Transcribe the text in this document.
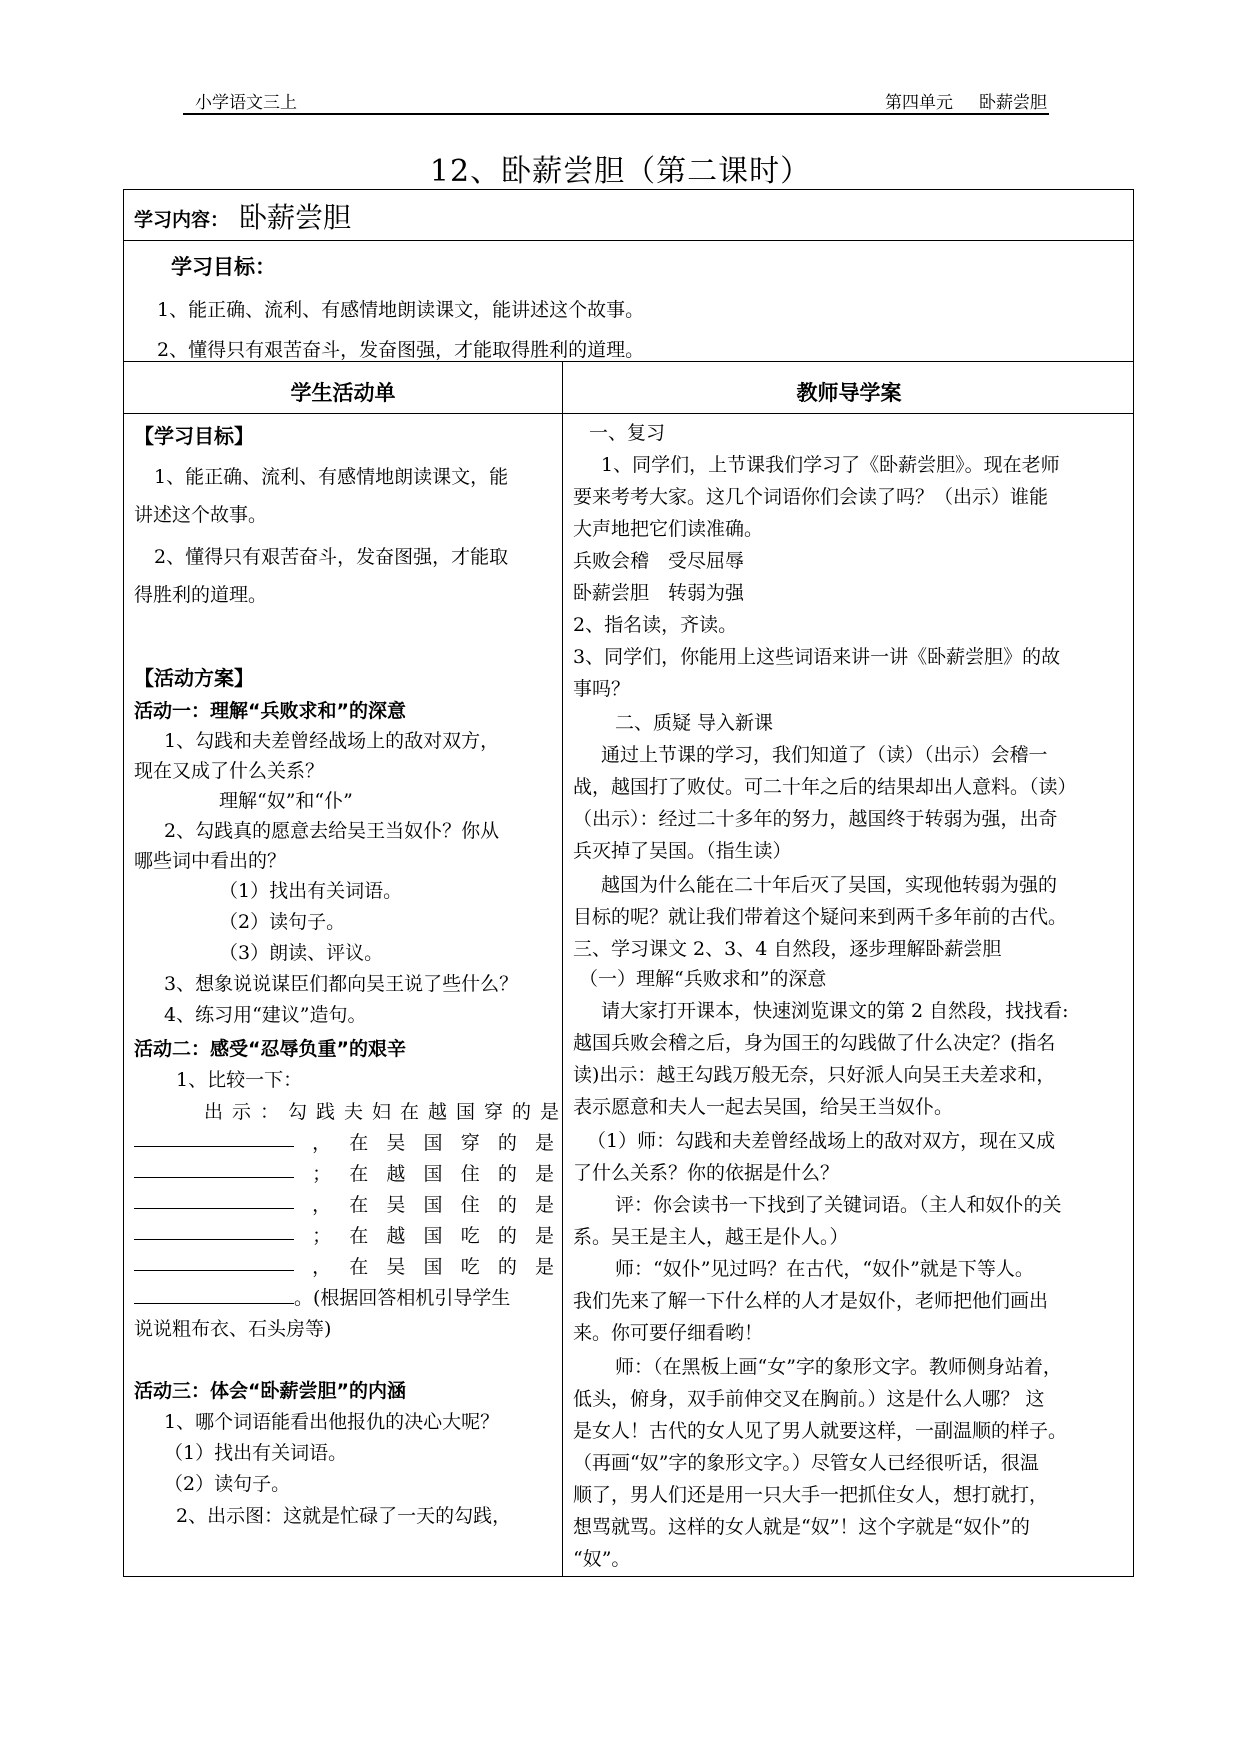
小学语文三上	第四单元 卧薪尝胆
12、卧薪尝胆（第二课时）
学习内容： 卧薪尝胆
学习目标：
1、能正确、流利、有感情地朗读课文，能讲述这个故事。
2、懂得只有艰苦奋斗，发奋图强，才能取得胜利的道理。
学生活动单	教师导学案
【学习目标】
1、能正确、流利、有感情地朗读课文，能
讲述这个故事。
2、懂得只有艰苦奋斗，发奋图强，才能取
得胜利的道理。
【活动方案】
活动一：理解“兵败求和”的深意
1、勾践和夫差曾经战场上的敌对双方，
现在又成了什么关系？
理解“奴”和“仆”
2、勾践真的愿意去给吴王当奴仆？你从
哪些词中看出的？
（1）找出有关词语。
（2）读句子。
（3）朗读、评议。
3、想象说说谋臣们都向吴王说了些什么？
4、练习用“建议”造句。
活动二：感受“忍辱负重”的艰辛
1、比较一下：
出示：勾践夫妇在越国穿的是
， 在 吴 国 穿 的 是
； 在 越 国 住 的 是
， 在 吴 国 住 的 是
； 在 越 国 吃 的 是
， 在 吴 国 吃 的 是
。(根据回答相机引导学生
说说粗布衣、石头房等)
活动三：体会“卧薪尝胆”的内涵
1、哪个词语能看出他报仇的决心大呢？
（1）找出有关词语。
（2）读句子。
2、出示图：这就是忙碌了一天的勾践，
一、复习
1、同学们，上节课我们学习了《卧薪尝胆》。现在老师
要来考考大家。这几个词语你们会读了吗？（出示）谁能
大声地把它们读准确。
兵败会稽　受尽屈辱
卧薪尝胆　转弱为强
2、指名读，齐读。
3、同学们，你能用上这些词语来讲一讲《卧薪尝胆》的故
事吗？
二、质疑 导入新课
通过上节课的学习，我们知道了（读）（出示）会稽一
战，越国打了败仗。可二十年之后的结果却出人意料。（读）
（出示）：经过二十多年的努力，越国终于转弱为强，出奇
兵灭掉了吴国。（指生读）
越国为什么能在二十年后灭了吴国，实现他转弱为强的
目标的呢？就让我们带着这个疑问来到两千多年前的古代。
三、学习课文 2、3、4 自然段，逐步理解卧薪尝胆
（一）理解“兵败求和”的深意
请大家打开课本，快速浏览课文的第 2 自然段，找找看:
越国兵败会稽之后，身为国王的勾践做了什么决定？(指名
读)出示：越王勾践万般无奈，只好派人向吴王夫差求和，
表示愿意和夫人一起去吴国，给吴王当奴仆。
（1）师：勾践和夫差曾经战场上的敌对双方，现在又成
了什么关系？你的依据是什么？
评：你会读书一下找到了关键词语。（主人和奴仆的关
系。吴王是主人，越王是仆人。）
师：“奴仆”见过吗？在古代，“奴仆”就是下等人。
我们先来了解一下什么样的人才是奴仆，老师把他们画出
来。你可要仔细看哟！
师：（在黑板上画“女”字的象形文字。教师侧身站着，
低头，俯身，双手前伸交叉在胸前。）这是什么人哪？ 这
是女人！古代的女人见了男人就要这样，一副温顺的样子。
（再画“奴”字的象形文字。）尽管女人已经很听话，很温
顺了，男人们还是用一只大手一把抓住女人，想打就打，
想骂就骂。这样的女人就是“奴”！这个字就是“奴仆”的
“奴”。
